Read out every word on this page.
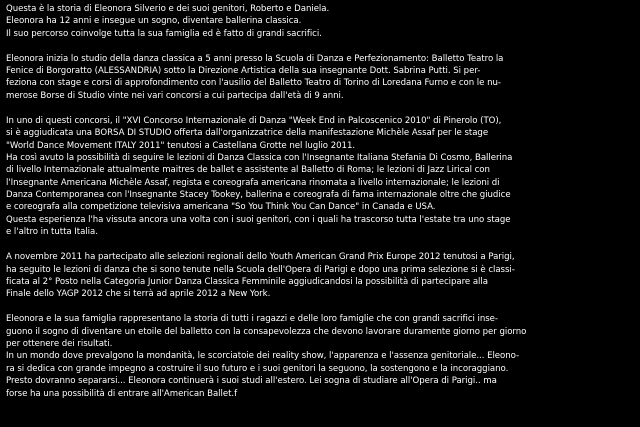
Questa è la storia di Eleonora Silverio e dei suoi genitori, Roberto e Daniela.
Eleonora ha 12 anni e insegue un sogno, diventare ballerina classica.
Il suo percorso coinvolge tutta la sua famiglia ed è fatto di grandi sacrifici.
Eleonora inizia lo studio della danza classica a 5 anni presso la Scuola di Danza e Perfezionamento: Balletto Teatro la
Fenice di Borgoratto (ALESSANDRIA) sotto la Direzione Artistica della sua insegnante Dott. Sabrina Putti. Si per-
feziona con stage e corsi di approfondimento con l'ausilio del Balletto Teatro di Torino di Loredana Furno e con le nu-
merose Borse di Studio vinte nei vari concorsi a cui partecipa dall'età di 9 anni.
In uno di questi concorsi, il "XVI Concorso Internazionale di Danza "Week End in Palcoscenico 2010" di Pinerolo (TO),
si è aggiudicata una BORSA DI STUDIO offerta dall'organizzatrice della manifestazione Michèle Assaf per le stage
"World Dance Movement ITALY 2011" tenutosi a Castellana Grotte nel luglio 2011.
Ha così avuto la possibilità di seguire le lezioni di Danza Classica con l'Insegnante Italiana Stefania Di Cosmo, Ballerina
di livello Internazionale attualmente maitres de ballet e assistente al Balletto di Roma; le lezioni di Jazz Lirical con
l'Insegnante Americana Michèle Assaf, regista e coreografa americana rinomata a livello internazionale; le lezioni di
Danza Contemporanea con l'Insegnante Stacey Tookey, ballerina e coreografa di fama internazionale oltre che giudice
e coreografa alla competizione televisiva americana "So You Think You Can Dance" in Canada e USA.
Questa esperienza l'ha vissuta ancora una volta con i suoi genitori, con i quali ha trascorso tutta l'estate tra uno stage
e l'altro in tutta Italia.
A novembre 2011 ha partecipato alle selezioni regionali dello Youth American Grand Prix Europe 2012 tenutosi a Parigi,
ha seguito le lezioni di danza che si sono tenute nella Scuola dell'Opera di Parigi e dopo una prima selezione si è classi-
ficata al 2° Posto nella Categoria Junior Danza Classica Femminile aggiudicandosi la possibilità di partecipare alla
Finale dello YAGP 2012 che si terrà ad aprile 2012 a New York.
Eleonora e la sua famiglia rappresentano la storia di tutti i ragazzi e delle loro famiglie che con grandi sacrifici inse-
guono il sogno di diventare un etoile del balletto con la consapevolezza che devono lavorare duramente giorno per giorno
per ottenere dei risultati.
In un mondo dove prevalgono la mondanità, le scorciatoie dei reality show, l'apparenza e l'assenza genitoriale... Eleono-
ra si dedica con grande impegno a costruire il suo futuro e i suoi genitori la seguono, la sostengono e la incoraggiano.
Presto dovranno separarsi... Eleonora continuerà i suoi studi all'estero. Lei sogna di studiare all'Opera di Parigi.. ma
forse ha una possibilità di entrare all'American Ballet.f
